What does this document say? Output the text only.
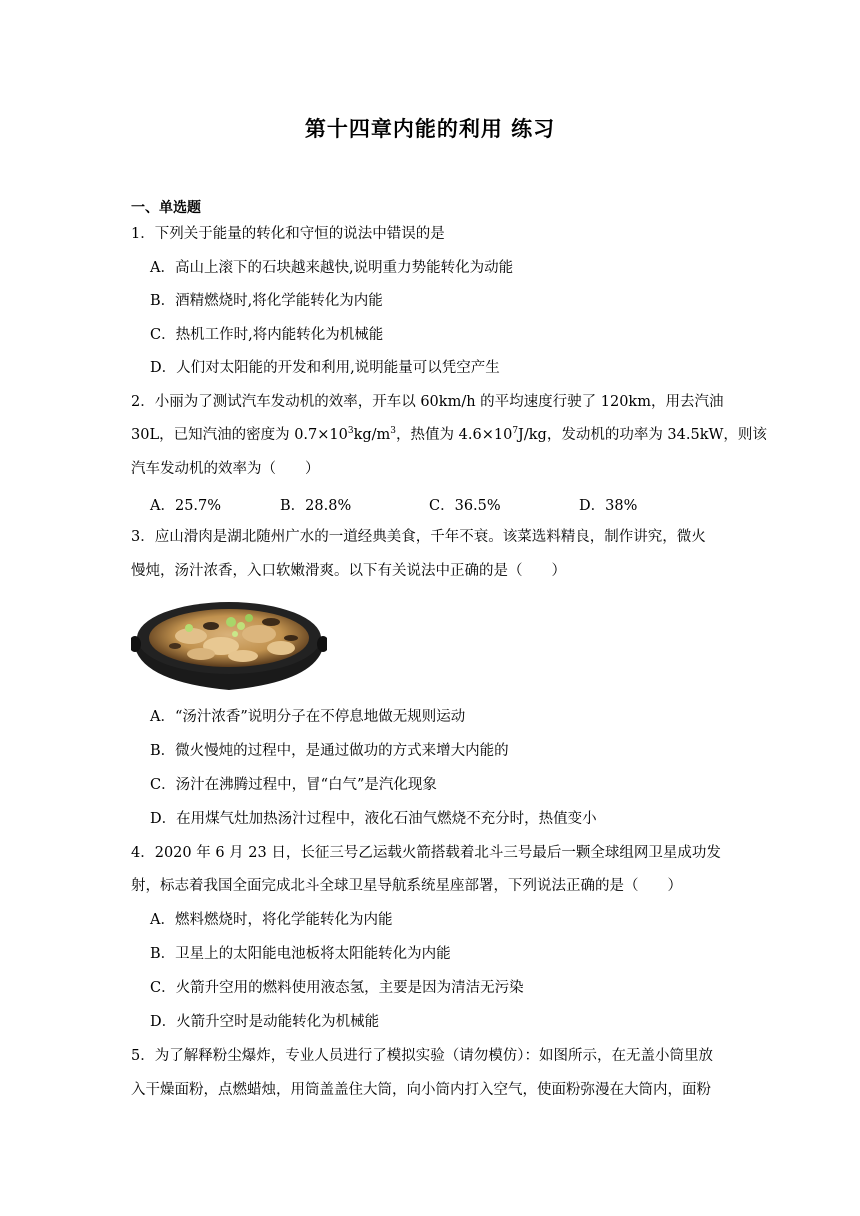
第十四章内能的利用 练习
一、单选题
1．下列关于能量的转化和守恒的说法中错误的是
A．高山上滚下的石块越来越快,说明重力势能转化为动能
B．酒精燃烧时,将化学能转化为内能
C．热机工作时,将内能转化为机械能
D．人们对太阳能的开发和利用,说明能量可以凭空产生
2．小丽为了测试汽车发动机的效率，开车以 60km/h 的平均速度行驶了 120km，用去汽油
30L，已知汽油的密度为 $0.7\times 10^3kg/m^3$，热值为 $4.6\times 10^7J/kg$，发动机的功率为 34.5kW，则该
汽车发动机的效率为（　　）
A．25.7%	B．28.8%	C．36.5%	D．38%
3．应山滑肉是湖北随州广水的一道经典美食，千年不衰。该菜选料精良，制作讲究，微火
慢炖，汤汁浓香，入口软嫩滑爽。以下有关说法中正确的是（　　）
A．“汤汁浓香”说明分子在不停息地做无规则运动
B．微火慢炖的过程中，是通过做功的方式来增大内能的
C．汤汁在沸腾过程中，冒“白气”是汽化现象
D．在用煤气灶加热汤汁过程中，液化石油气燃烧不充分时，热值变小
4．2020 年 6 月 23 日，长征三号乙运载火箭搭载着北斗三号最后一颗全球组网卫星成功发
射，标志着我国全面完成北斗全球卫星导航系统星座部署，下列说法正确的是（　　）
A．燃料燃烧时，将化学能转化为内能
B．卫星上的太阳能电池板将太阳能转化为内能
C．火箭升空用的燃料使用液态氢，主要是因为清洁无污染
D．火箭升空时是动能转化为机械能
5．为了解释粉尘爆炸，专业人员进行了模拟实验（请勿模仿）：如图所示，在无盖小筒里放
入干燥面粉，点燃蜡烛，用筒盖盖住大筒，向小筒内打入空气，使面粉弥漫在大筒内，面粉
